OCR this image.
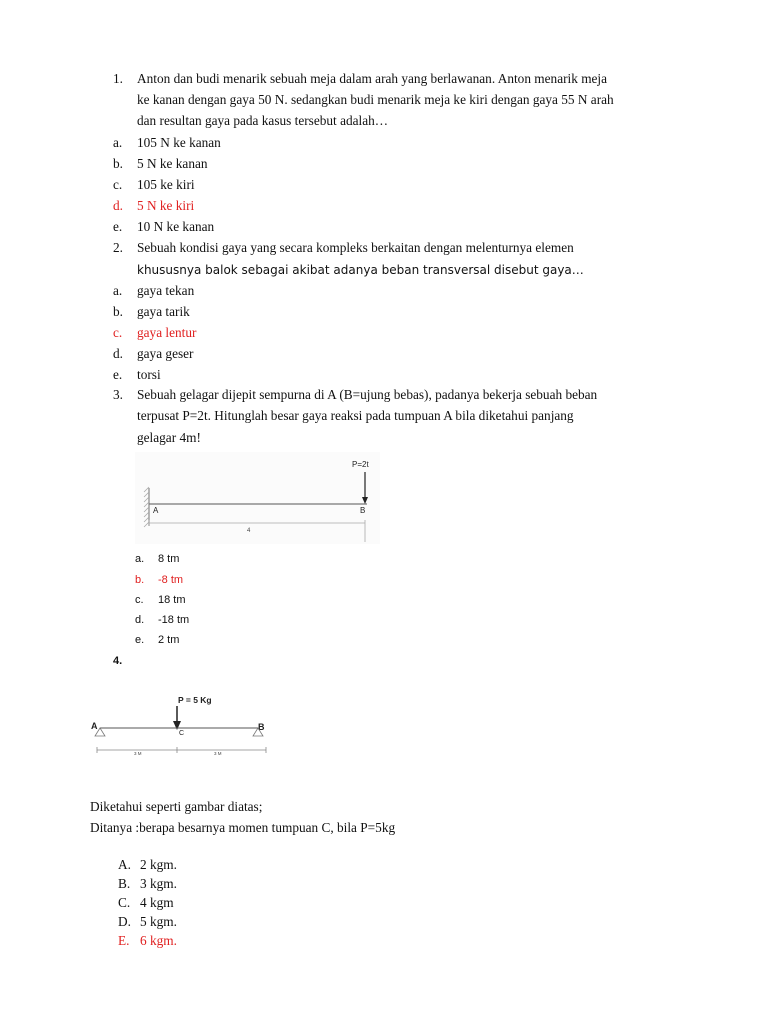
1. Anton dan budi menarik sebuah meja dalam arah yang berlawanan. Anton menarik meja
ke kanan dengan gaya 50 N. sedangkan budi menarik meja ke kiri dengan gaya 55 N arah
dan resultan gaya pada kasus tersebut adalah…
a. 105 N ke kanan
b. 5 N ke kanan
c. 105 ke kiri
d. 5 N ke kiri
e. 10 N ke kanan
2. Sebuah kondisi gaya yang secara kompleks berkaitan dengan melenturnya elemen
khususnya balok sebagai akibat adanya beban transversal disebut gaya…
a. gaya tekan
b. gaya tarik
c. gaya lentur
d. gaya geser
e. torsi
3. Sebuah gelagar dijepit sempurna di A (B=ujung bebas), padanya bekerja sebuah beban
terpusat P=2t. Hitunglah besar gaya reaksi pada tumpuan A bila diketahui panjang
gelagar 4m!
P=2t
A	B
4
a. 8 tm
b. -8 tm
c. 18 tm
d. -18 tm
e. 2 tm
4.
P = 5 Kg
A	B
C
3 M	3 M
Diketahui seperti gambar diatas;
Ditanya :berapa besarnya momen tumpuan C, bila P=5kg
A. 2 kgm.
B. 3 kgm.
C. 4 kgm
D. 5 kgm.
E. 6 kgm.
